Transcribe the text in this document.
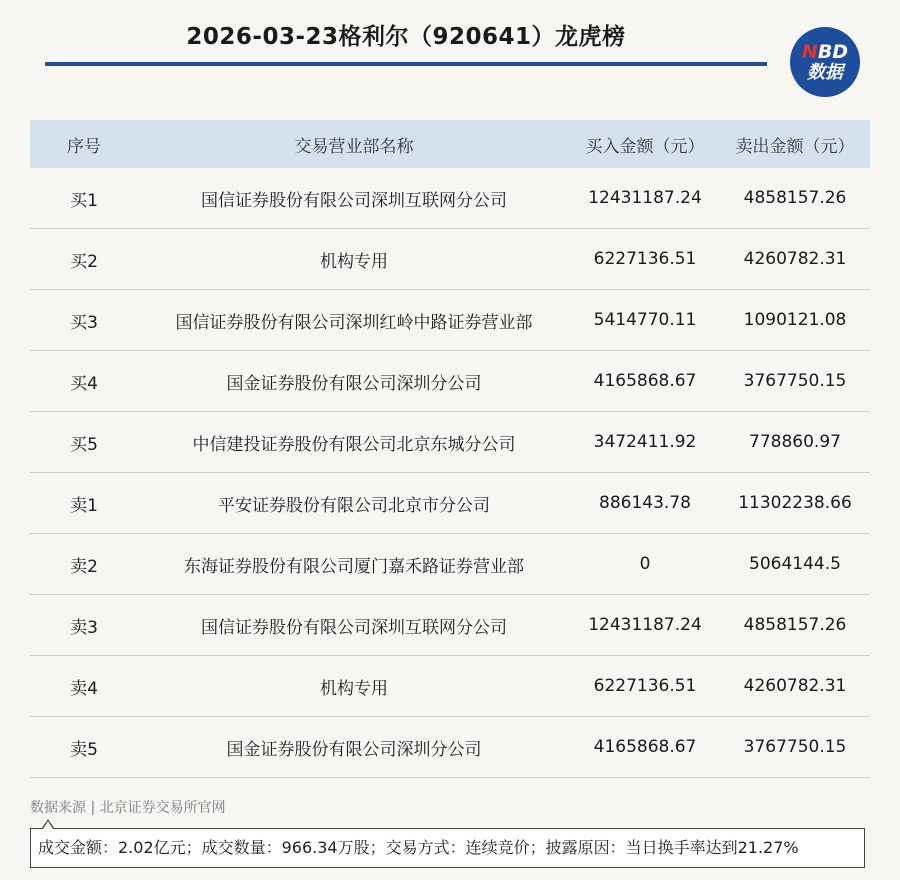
2026-03-23格利尔（920641）龙虎榜
NBD
数据
序号	交易营业部名称	买入金额（元）	卖出金额（元）
买1	国信证券股份有限公司深圳互联网分公司	12431187.24	4858157.26
买2	机构专用	6227136.51	4260782.31
买3	国信证券股份有限公司深圳红岭中路证券营业部	5414770.11	1090121.08
买4	国金证券股份有限公司深圳分公司	4165868.67	3767750.15
买5	中信建投证券股份有限公司北京东城分公司	3472411.92	778860.97
卖1	平安证券股份有限公司北京市分公司	886143.78	11302238.66
卖2	东海证券股份有限公司厦门嘉禾路证券营业部	0	5064144.5
卖3	国信证券股份有限公司深圳互联网分公司	12431187.24	4858157.26
卖4	机构专用	6227136.51	4260782.31
卖5	国金证券股份有限公司深圳分公司	4165868.67	3767750.15
数据来源 | 北京证券交易所官网
成交金额：2.02亿元；成交数量：966.34万股；交易方式：连续竞价；披露原因：当日换手率达到21.27%
